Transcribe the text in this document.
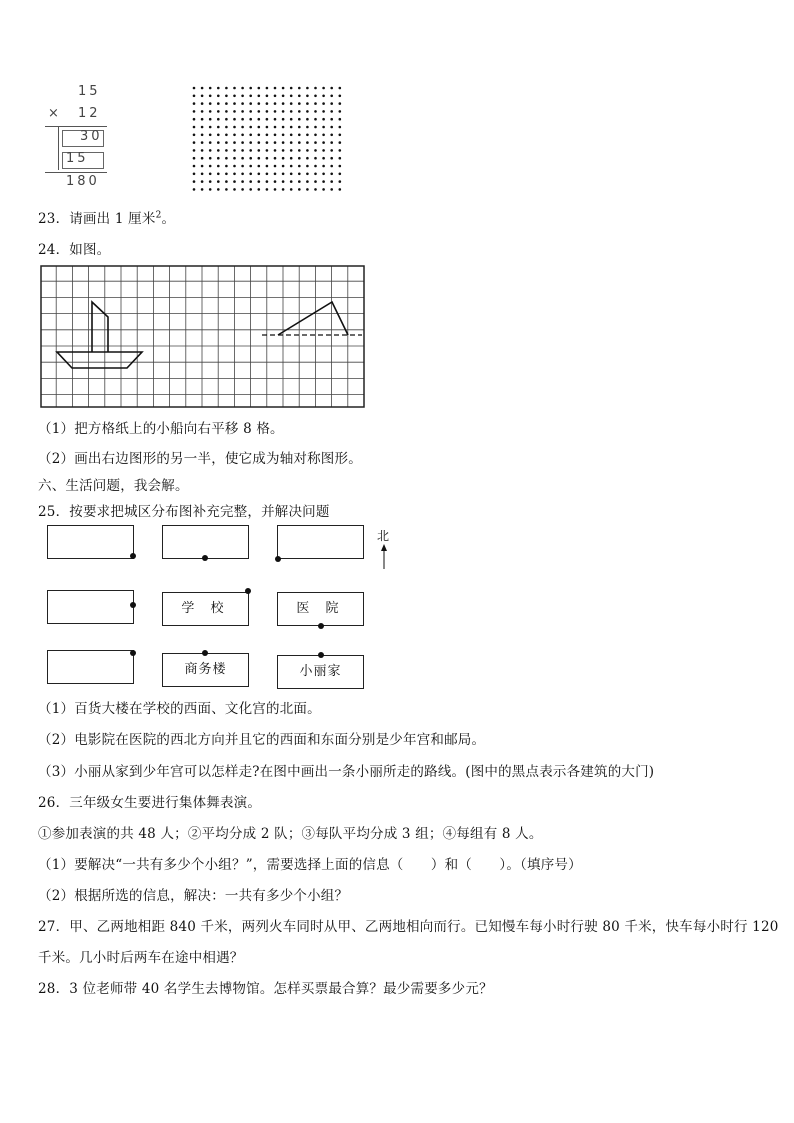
15
× 12
30
15
180
23．请画出 1 厘米$^2$。
24．如图。
（1）把方格纸上的小船向右平移 8 格。
（2）画出右边图形的另一半，使它成为轴对称图形。
六、生活问题，我会解。
25．按要求把城区分布图补充完整，并解决问题
学 校	医 院
商务楼	小丽家
北
（1）百货大楼在学校的西面、文化宫的北面。
（2）电影院在医院的西北方向并且它的西面和东面分别是少年宫和邮局。
（3）小丽从家到少年宫可以怎样走?在图中画出一条小丽所走的路线。(图中的黑点表示各建筑的大门)
26．三年级女生要进行集体舞表演。
①参加表演的共 48 人；②平均分成 2 队；③每队平均分成 3 组；④每组有 8 人。
（1）要解决“一共有多少个小组？”，需要选择上面的信息（　　）和（　　）。（填序号）
（2）根据所选的信息，解决：一共有多少个小组？
27．甲、乙两地相距 840 千米，两列火车同时从甲、乙两地相向而行。已知慢车每小时行驶 80 千米，快车每小时行 120
千米。几小时后两车在途中相遇？
28．3 位老师带 40 名学生去博物馆。怎样买票最合算？最少需要多少元？
